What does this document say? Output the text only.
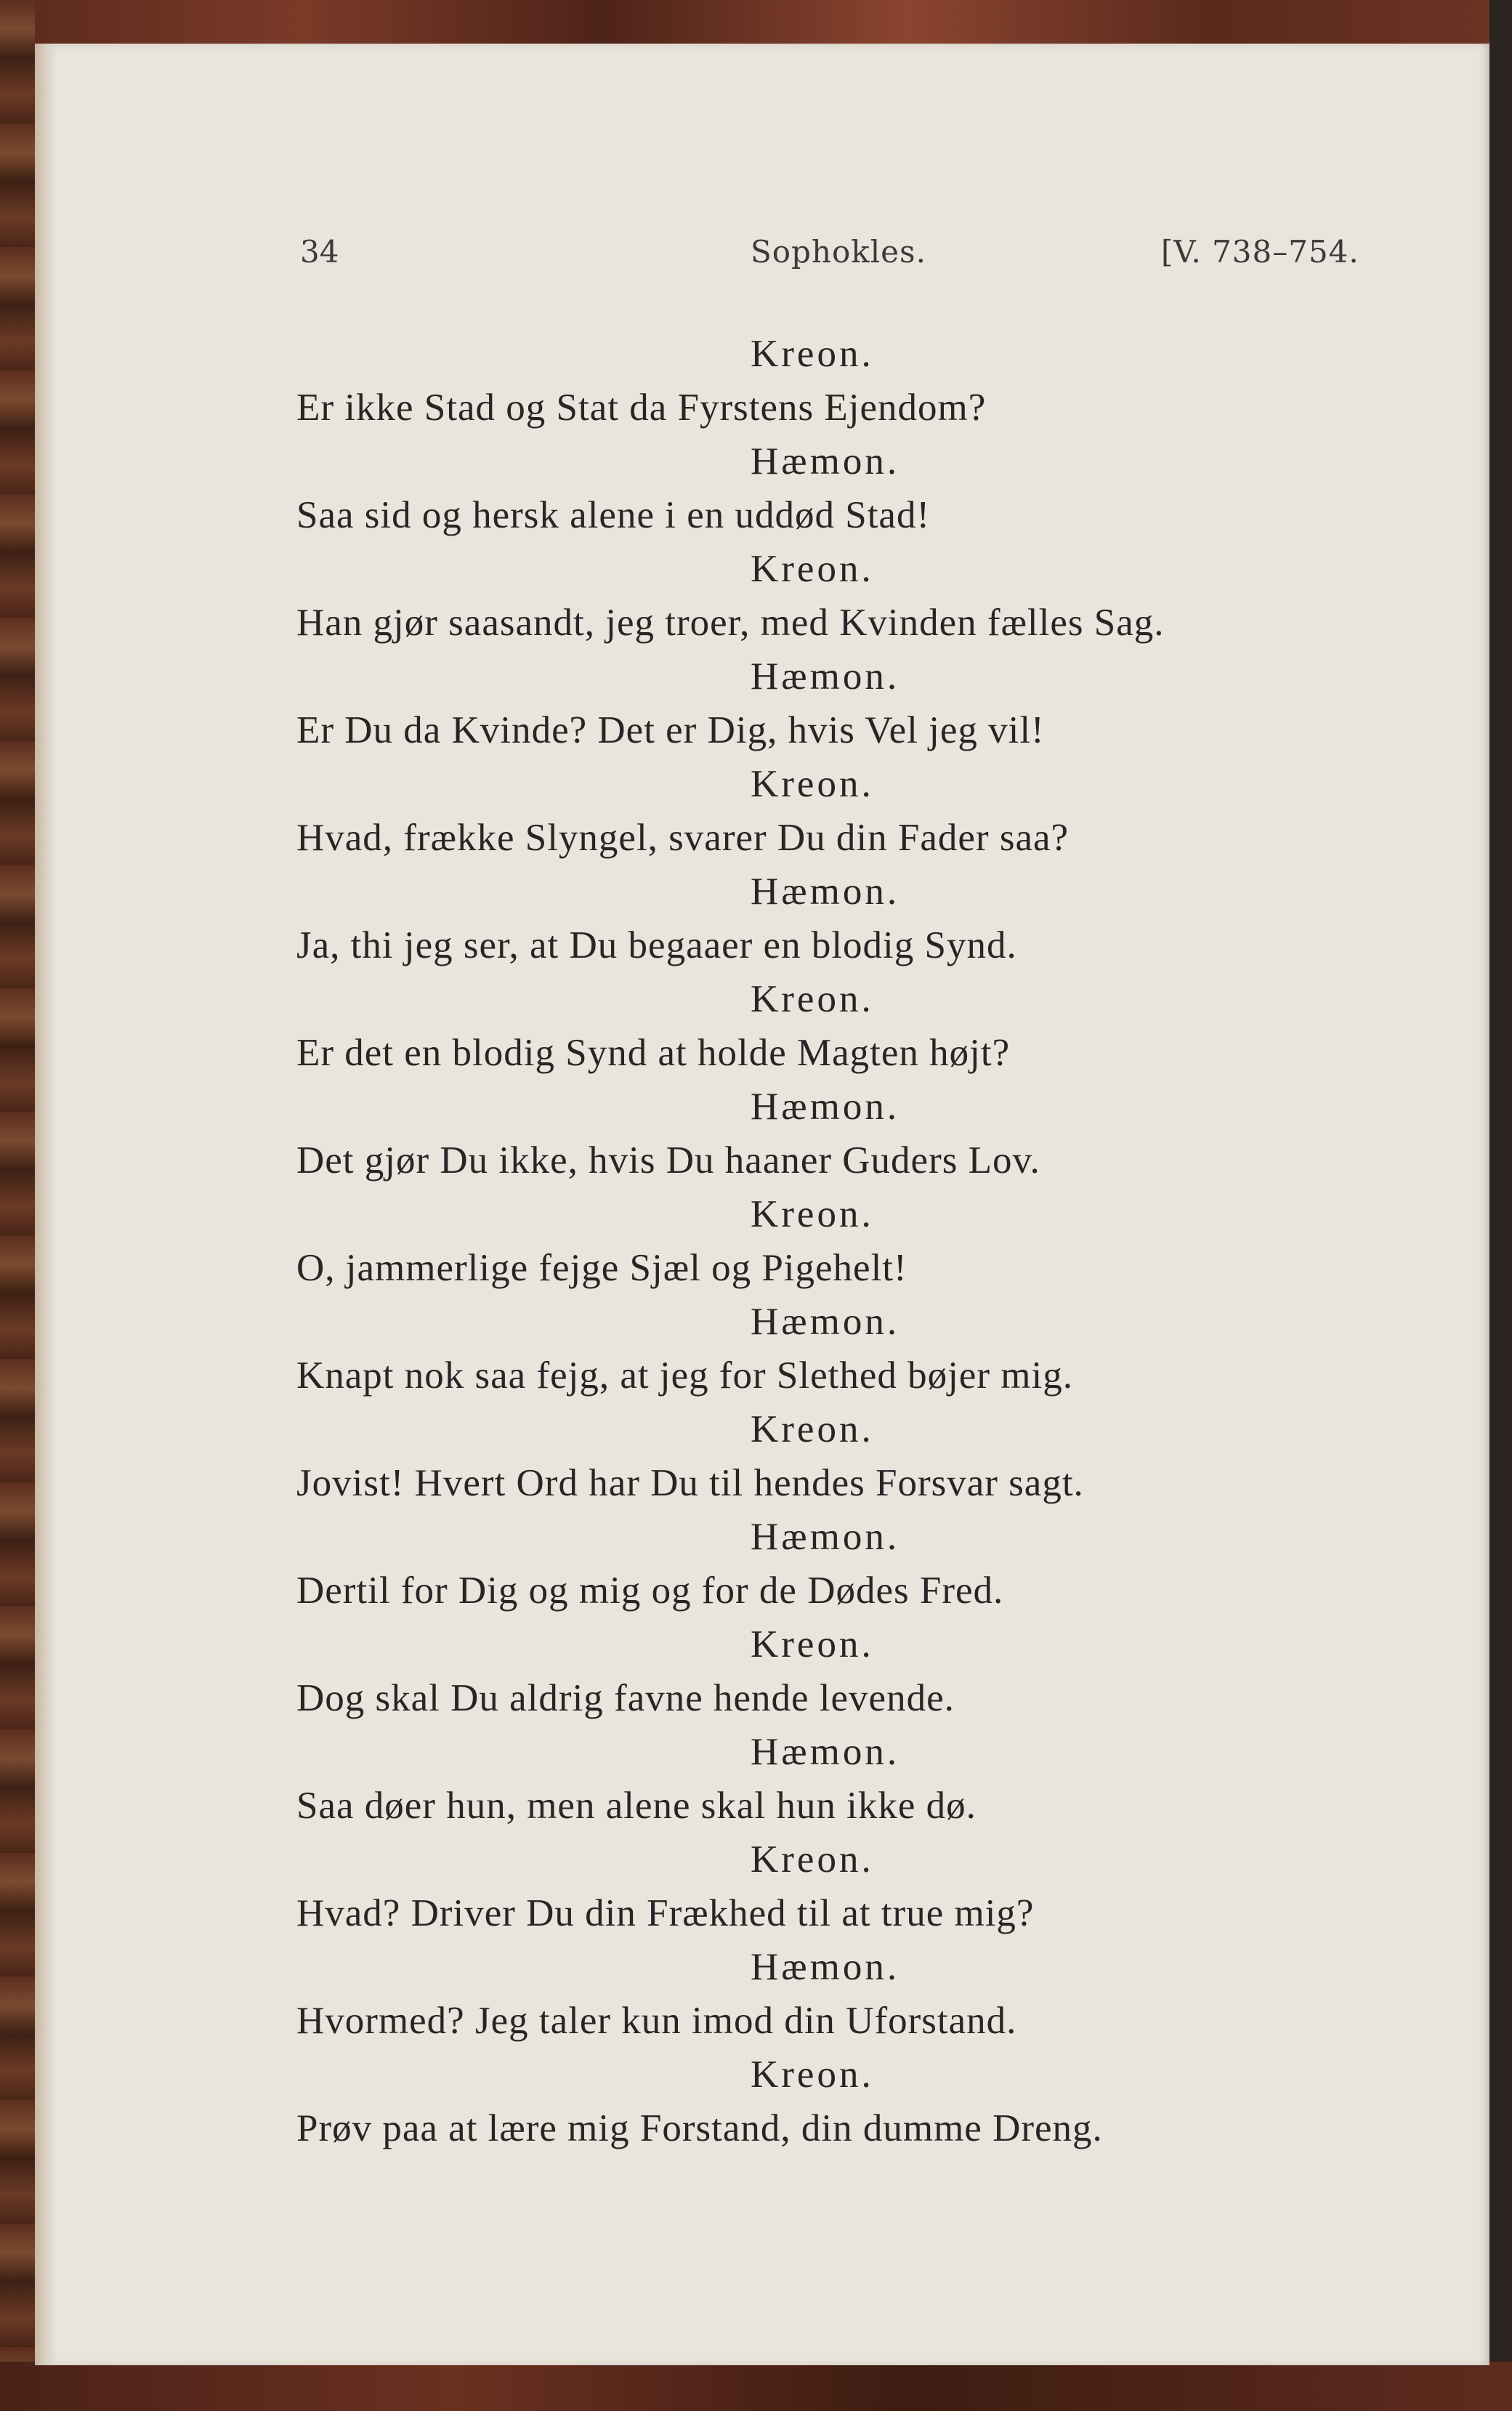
34	Sophokles.	[V. 738–754.
Kreon.
Er ikke Stad og Stat da Fyrstens Ejendom?
Hæmon.
Saa sid og hersk alene i en uddød Stad!
Kreon.
Han gjør saasandt, jeg troer, med Kvinden fælles Sag.
Hæmon.
Er Du da Kvinde? Det er Dig, hvis Vel jeg vil!
Kreon.
Hvad, frække Slyngel, svarer Du din Fader saa?
Hæmon.
Ja, thi jeg ser, at Du begaaer en blodig Synd.
Kreon.
Er det en blodig Synd at holde Magten højt?
Hæmon.
Det gjør Du ikke, hvis Du haaner Guders Lov.
Kreon.
O, jammerlige fejge Sjæl og Pigehelt!
Hæmon.
Knapt nok saa fejg, at jeg for Slethed bøjer mig.
Kreon.
Jovist! Hvert Ord har Du til hendes Forsvar sagt.
Hæmon.
Dertil for Dig og mig og for de Dødes Fred.
Kreon.
Dog skal Du aldrig favne hende levende.
Hæmon.
Saa døer hun, men alene skal hun ikke dø.
Kreon.
Hvad? Driver Du din Frækhed til at true mig?
Hæmon.
Hvormed? Jeg taler kun imod din Uforstand.
Kreon.
Prøv paa at lære mig Forstand, din dumme Dreng.
